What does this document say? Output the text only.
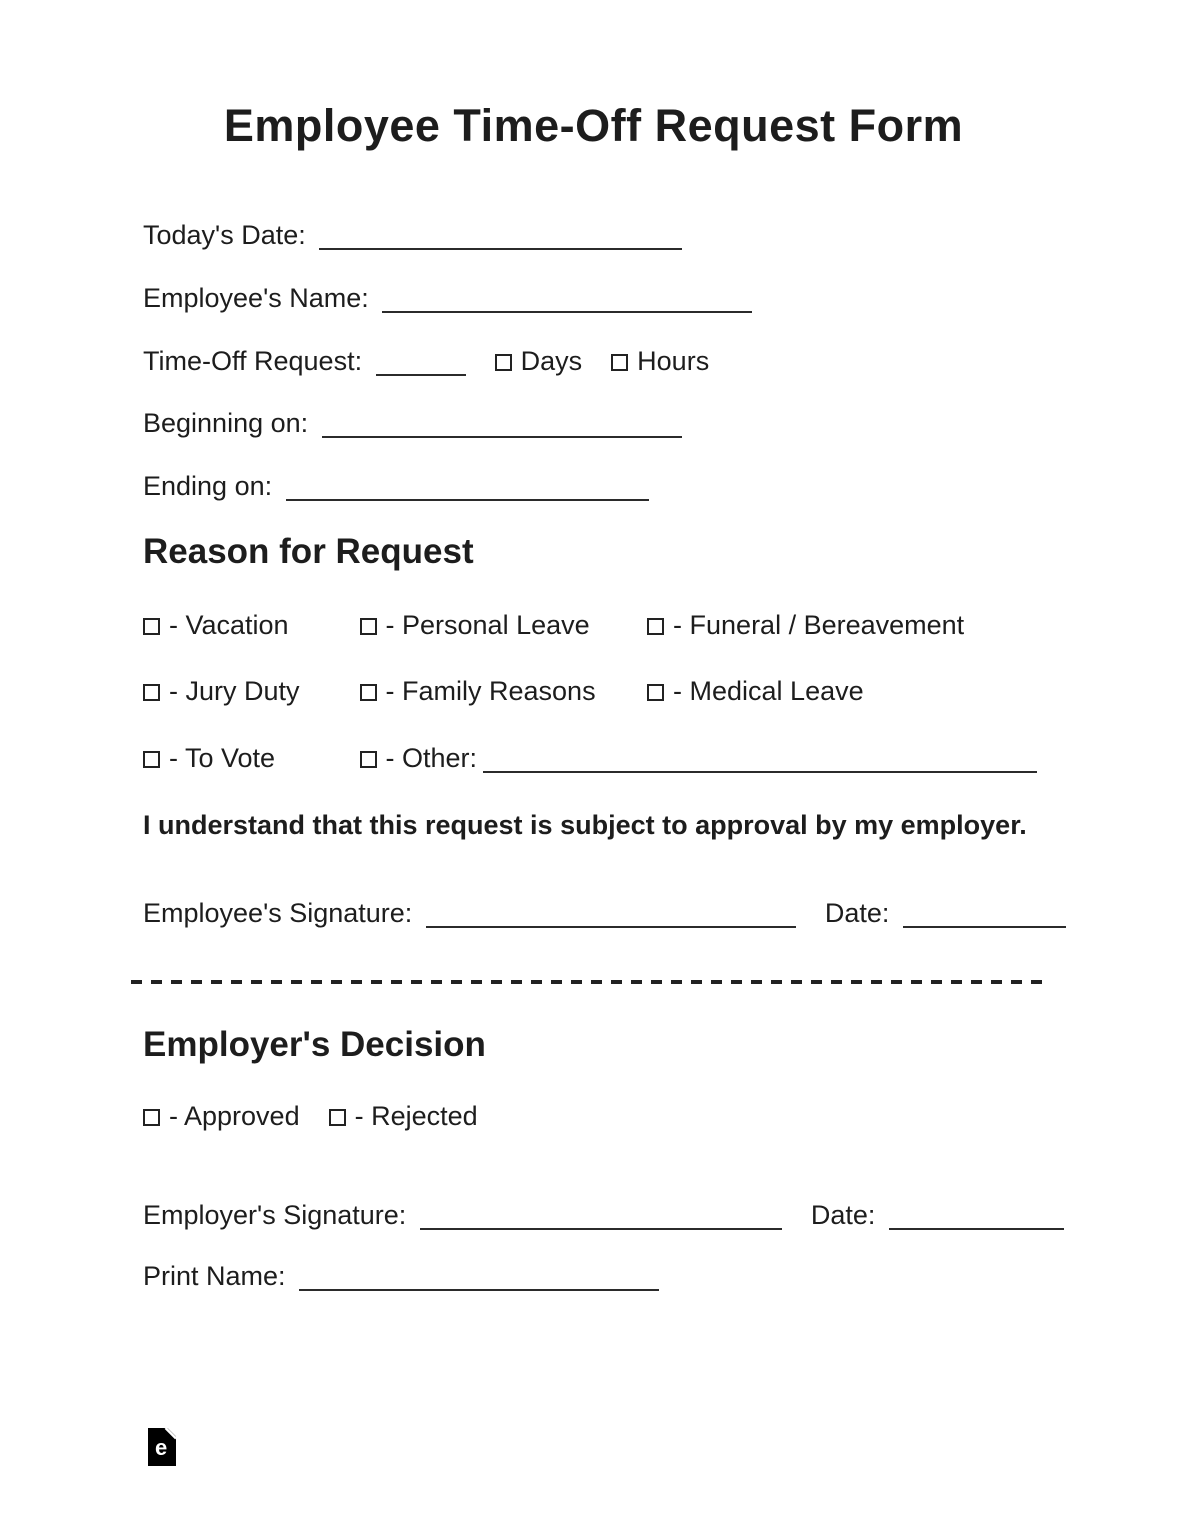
Employee Time-Off Request Form
Today's Date:
Employee's Name:
Time-Off Request:	Days Hours
Beginning on:
Ending on:
Reason for Request
- Vacation	- Personal Leave	- Funeral / Bereavement
- Jury Duty	- Family Reasons	- Medical Leave
- To Vote	- Other:
I understand that this request is subject to approval by my employer.
Employee's Signature:	Date:
Employer's Decision
- Approved - Rejected
Employer's Signature:	Date:
Print Name:
e
